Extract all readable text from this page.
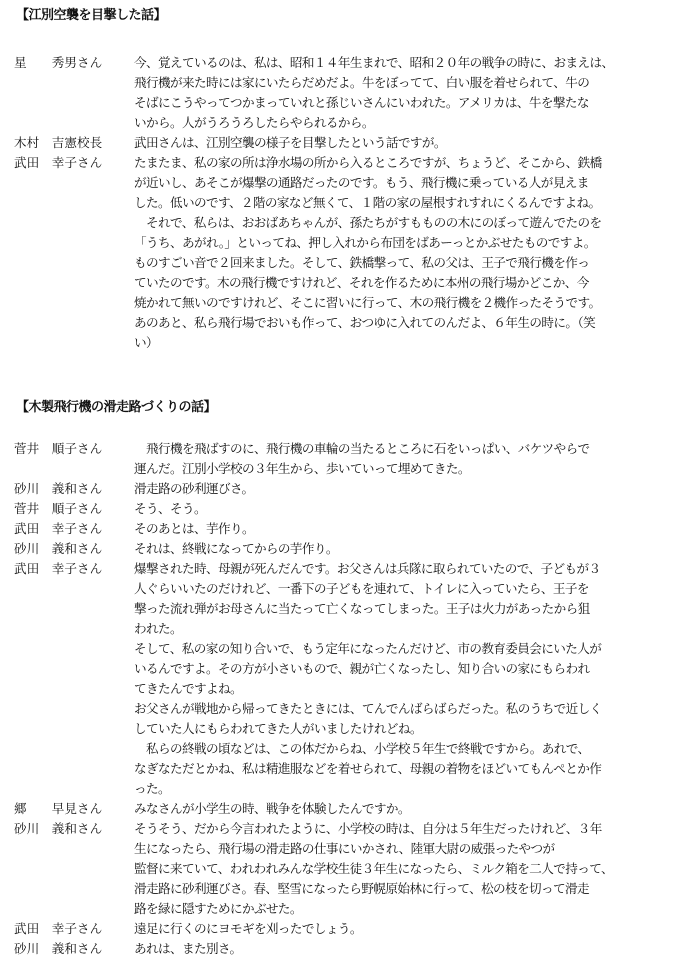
【江別空襲を目撃した話】
星　　秀男さん	今、覚えているのは、私は、昭和１４年生まれで、昭和２０年の戦争の時に、おまえは、
飛行機が来た時には家にいたらだめだよ。牛をぼってて、白い服を着せられて、牛の
そばにこうやってつかまっていれと孫じいさんにいわれた。アメリカは、牛を撃たな
いから。人がうろうろしたらやられるから。
木村　吉憲校長	武田さんは、江別空襲の様子を目撃したという話ですが。
武田　幸子さん	たまたま、私の家の所は浄水場の所から入るところですが、ちょうど、そこから、鉄橋
が近いし、あそこが爆撃の通路だったのです。もう、飛行機に乗っている人が見えま
した。低いのです、２階の家など無くて、１階の家の屋根すれすれにくるんですよね。
　それで、私らは、おおばあちゃんが、孫たちがすもものの木にのぼって遊んでたのを
「うち、あがれ。」といってね、押し入れから布団をばあーっとかぶせたものですよ。
ものすごい音で２回来ました。そして、鉄橋撃って、私の父は、王子で飛行機を作っ
ていたのです。木の飛行機ですけれど、それを作るために本州の飛行場かどこか、今
焼かれて無いのですけれど、そこに習いに行って、木の飛行機を２機作ったそうです。
あのあと、私ら飛行場でおいも作って、おつゆに入れてのんだよ、６年生の時に。（笑
い）
【木製飛行機の滑走路づくりの話】
菅井　順子さん	　飛行機を飛ばすのに、飛行機の車輪の当たるところに石をいっぱい、バケツやらで
運んだ。江別小学校の３年生から、歩いていって埋めてきた。
砂川　義和さん	滑走路の砂利運びさ。
菅井　順子さん	そう、そう。
武田　幸子さん	そのあとは、芋作り。
砂川　義和さん	それは、終戦になってからの芋作り。
武田　幸子さん	爆撃された時、母親が死んだんです。お父さんは兵隊に取られていたので、子どもが３
人ぐらいいたのだけれど、一番下の子どもを連れて、トイレに入っていたら、王子を
撃った流れ弾がお母さんに当たって亡くなってしまった。王子は火力があったから狙
われた。
そして、私の家の知り合いで、もう定年になったんだけど、市の教育委員会にいた人が
いるんですよ。その方が小さいもので、親が亡くなったし、知り合いの家にもらわれ
てきたんですよね。
お父さんが戦地から帰ってきたときには、てんでんばらばらだった。私のうちで近しく
していた人にもらわれてきた人がいましたけれどね。
　私らの終戦の頃などは、この体だからね、小学校５年生で終戦ですから。あれで、
なぎなただとかね、私は精進服などを着せられて、母親の着物をほどいてもんぺとか作
った。
郷　　早見さん	みなさんが小学生の時、戦争を体験したんですか。
砂川　義和さん	そうそう、だから今言われたように、小学校の時は、自分は５年生だったけれど、３年
生になったら、飛行場の滑走路の仕事にいかされ、陸軍大尉の威張ったやつが
監督に来ていて、われわれみんな学校生徒３年生になったら、ミルク箱を二人で持って、
滑走路に砂利運びさ。春、堅雪になったら野幌原始林に行って、松の枝を切って滑走
路を緑に隠すためにかぶせた。
武田　幸子さん	遠足に行くのにヨモギを刈ったでしょう。
砂川　義和さん	あれは、また別さ。
